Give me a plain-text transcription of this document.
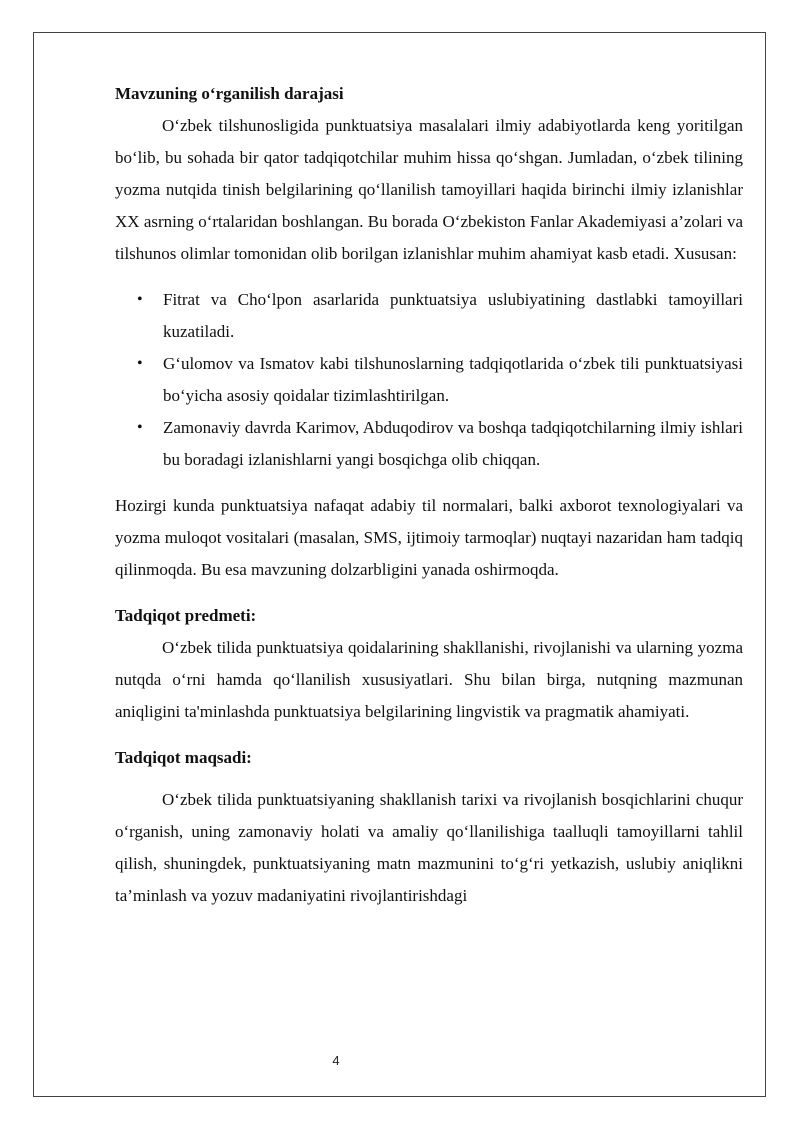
Mavzuning o‘rganilish darajasi

O‘zbek tilshunosligida punktuatsiya masalalari ilmiy adabiyotlarda keng yoritilgan bo‘lib, bu sohada bir qator tadqiqotchilar muhim hissa qo‘shgan. Jumladan, o‘zbek tilining yozma nutqida tinish belgilarining qo‘llanilish tamoyillari haqida birinchi ilmiy izlanishlar XX asrning o‘rtalaridan boshlangan. Bu borada O‘zbekiston Fanlar Akademiyasi a’zolari va tilshunos olimlar tomonidan olib borilgan izlanishlar muhim ahamiyat kasb etadi. Xususan:

• Fitrat va Cho‘lpon asarlarida punktuatsiya uslubiyatining dastlabki tamoyillari kuzatiladi.
• G‘ulomov va Ismatov kabi tilshunoslarning tadqiqotlarida o‘zbek tili punktuatsiyasi bo‘yicha asosiy qoidalar tizimlashtirilgan.
• Zamonaviy davrda Karimov, Abduqodirov va boshqa tadqiqotchilarning ilmiy ishlari bu boradagi izlanishlarni yangi bosqichga olib chiqqan.

Hozirgi kunda punktuatsiya nafaqat adabiy til normalari, balki axborot texnologiyalari va yozma muloqot vositalari (masalan, SMS, ijtimoiy tarmoqlar) nuqtayi nazaridan ham tadqiq qilinmoqda. Bu esa mavzuning dolzarbligini yanada oshirmoqda.

Tadqiqot predmeti:

O‘zbek tilida punktuatsiya qoidalarining shakllanishi, rivojlanishi va ularning yozma nutqda o‘rni hamda qo‘llanilish xususiyatlari. Shu bilan birga, nutqning mazmunan aniqligini ta'minlashda punktuatsiya belgilarining lingvistik va pragmatik ahamiyati.

Tadqiqot maqsadi:

O‘zbek tilida punktuatsiyaning shakllanish tarixi va rivojlanish bosqichlarini chuqur o‘rganish, uning zamonaviy holati va amaliy qo‘llanilishiga taalluqli tamoyillarni tahlil qilish, shuningdek, punktuatsiyaning matn mazmunini to‘g‘ri yetkazish, uslubiy aniqlikni ta’minlash va yozuv madaniyatini rivojlantirishdagi

4
